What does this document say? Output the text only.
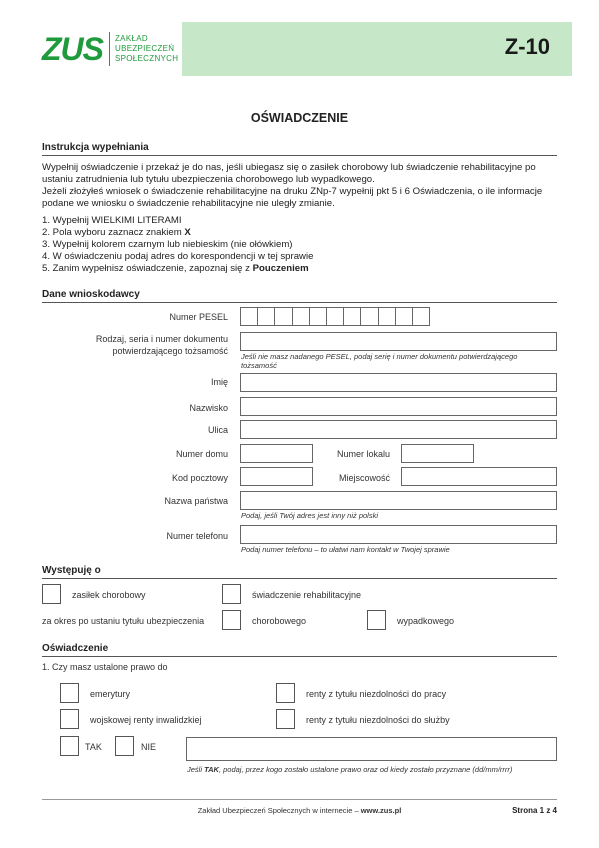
ZUS ZAKŁAD
UBEZPIECZEŃ
SPOŁECZNYCH	Z-10
OŚWIADCZENIE
Instrukcja wypełniania
Wypełnij oświadczenie i przekaż je do nas, jeśli ubiegasz się o zasiłek chorobowy lub świadczenie rehabilitacyjne po ustaniu zatrudnienia lub tytułu ubezpieczenia chorobowego lub wypadkowego.
Jeżeli złożyłeś wniosek o świadczenie rehabilitacyjne na druku ZNp-7 wypełnij pkt 5 i 6 Oświadczenia, o ile informacje podane we wniosku o świadczenie rehabilitacyjne nie uległy zmianie.
1. Wypełnij WIELKIMI LITERAMI
2. Pola wyboru zaznacz znakiem X
3. Wypełnij kolorem czarnym lub niebieskim (nie ołówkiem)
4. W oświadczeniu podaj adres do korespondencji w tej sprawie
5. Zanim wypełnisz oświadczenie, zapoznaj się z Pouczeniem
Dane wnioskodawcy
Numer PESEL
Rodzaj, seria i numer dokumentu
potwierdzającego tożsamość
Jeśli nie masz nadanego PESEL, podaj serię i numer dokumentu potwierdzającego tożsamość
Imię
Nazwisko
Ulica
Numer domu	Numer lokalu
Kod pocztowy	Miejscowość
Nazwa państwa
Podaj, jeśli Twój adres jest inny niż polski
Numer telefonu
Podaj numer telefonu – to ułatwi nam kontakt w Twojej sprawie
Występuję o
zasiłek chorobowy	świadczenie rehabilitacyjne
za okres po ustaniu tytułu ubezpieczenia	chorobowego	wypadkowego
Oświadczenie
1. Czy masz ustalone prawo do
emerytury	renty z tytułu niezdolności do pracy
wojskowej renty inwalidzkiej	renty z tytułu niezdolności do służby
TAK	NIE
Jeśli TAK, podaj, przez kogo zostało ustalone prawo oraz od kiedy zostało przyznane (dd/mm/rrrr)
Zakład Ubezpieczeń Społecznych w internecie – www.zus.pl	Strona 1 z 4
